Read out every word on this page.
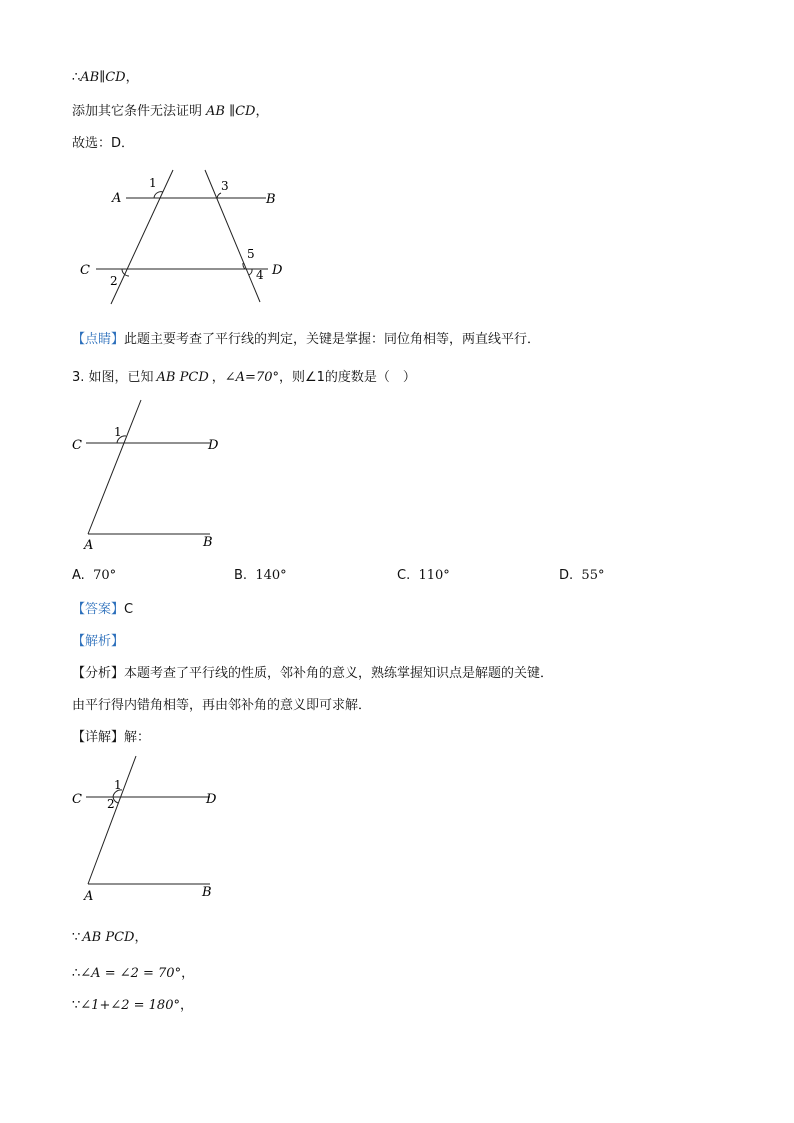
∴AB∥CD，
添加其它条件无法证明 AB ∥CD，
故选：D．
A	B
C	D
1	3
2
5
4
【点睛】此题主要考查了平行线的判定，关键是掌握：同位角相等，两直线平行．
3. 如图，已知 AB PCD ，∠A=70°，则∠1的度数是（　）
C	D
A	B
1
A. 70°	B. 140°	C. 110°	D. 55°
【答案】C
【解析】
【分析】本题考查了平行线的性质，邻补角的意义，熟练掌握知识点是解题的关键．
由平行得内错角相等，再由邻补角的意义即可求解．
【详解】解：
C	D
A	B
1
2
∵ AB PCD，
∴∠A = ∠2 = 70°，
∵∠1+∠2 = 180°，
